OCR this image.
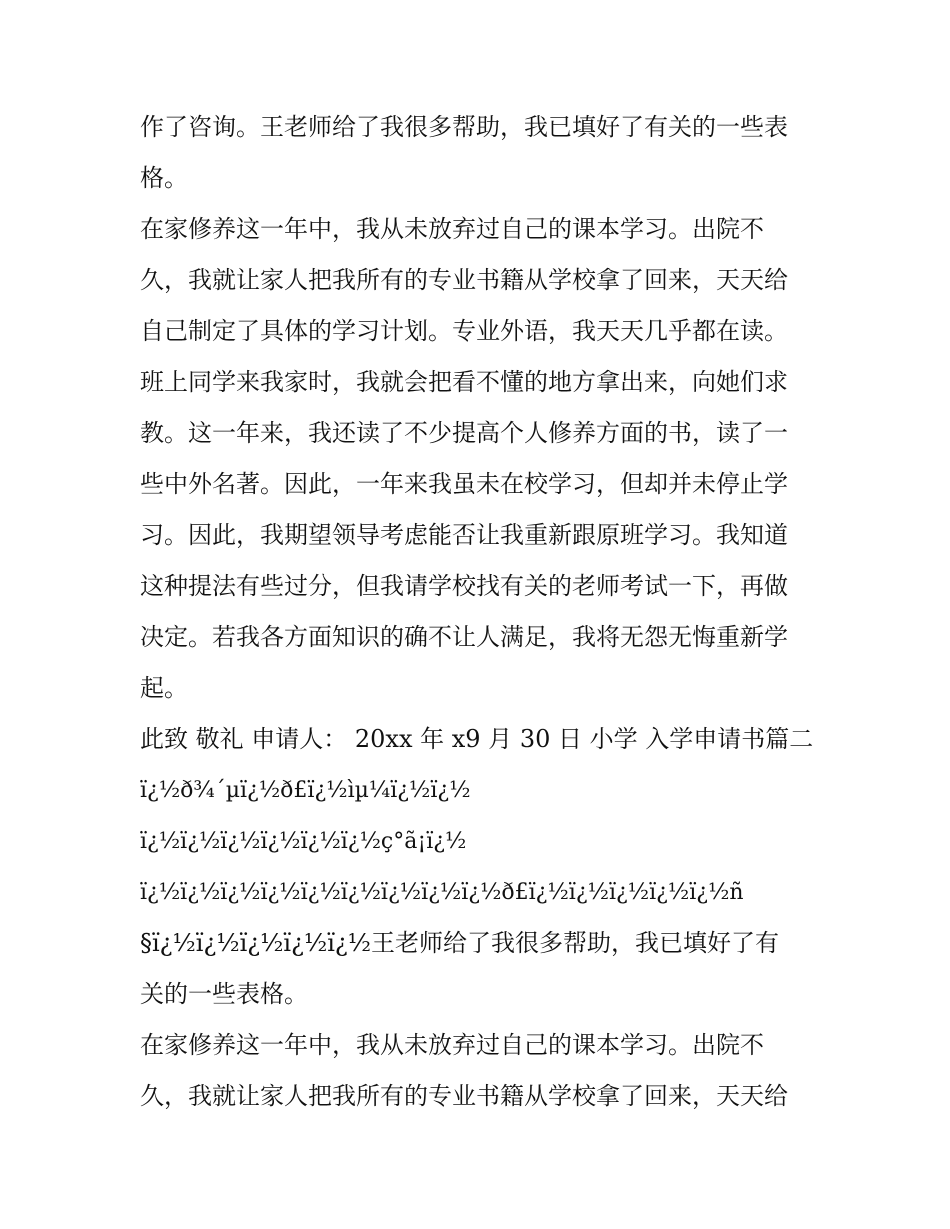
作了咨询。王老师给了我很多帮助，我已填好了有关的一些表
格。
在家修养这一年中，我从未放弃过自己的课本学习。出院不
久，我就让家人把我所有的专业书籍从学校拿了回来，天天给
自己制定了具体的学习计划。专业外语，我天天几乎都在读。
班上同学来我家时，我就会把看不懂的地方拿出来，向她们求
教。这一年来，我还读了不少提高个人修养方面的书，读了一
些中外名著。因此，一年来我虽未在校学习，但却并未停止学
习。因此，我期望领导考虑能否让我重新跟原班学习。我知道
这种提法有些过分，但我请学校找有关的老师考试一下，再做
决定。若我各方面知识的确不让人满足，我将无怨无悔重新学
起。
此致 敬礼 申请人： 20xx 年 x9 月 30 日 小学 入学申请书篇二
ï¿½ð¾´µï¿½ð£ï¿½ìµ¼ï¿½ï¿½
ï¿½ï¿½ï¿½ï¿½ï¿½ï¿½ç°ã¡ï¿½
ï¿½ï¿½ï¿½ï¿½ï¿½ï¿½ï¿½ï¿½ï¿½ð£ï¿½ï¿½ï¿½ï¿½ï¿½ñ
§ï¿½ï¿½ï¿½ï¿½ï¿½王老师给了我很多帮助，我已填好了有
关的一些表格。
在家修养这一年中，我从未放弃过自己的课本学习。出院不
久，我就让家人把我所有的专业书籍从学校拿了回来，天天给
